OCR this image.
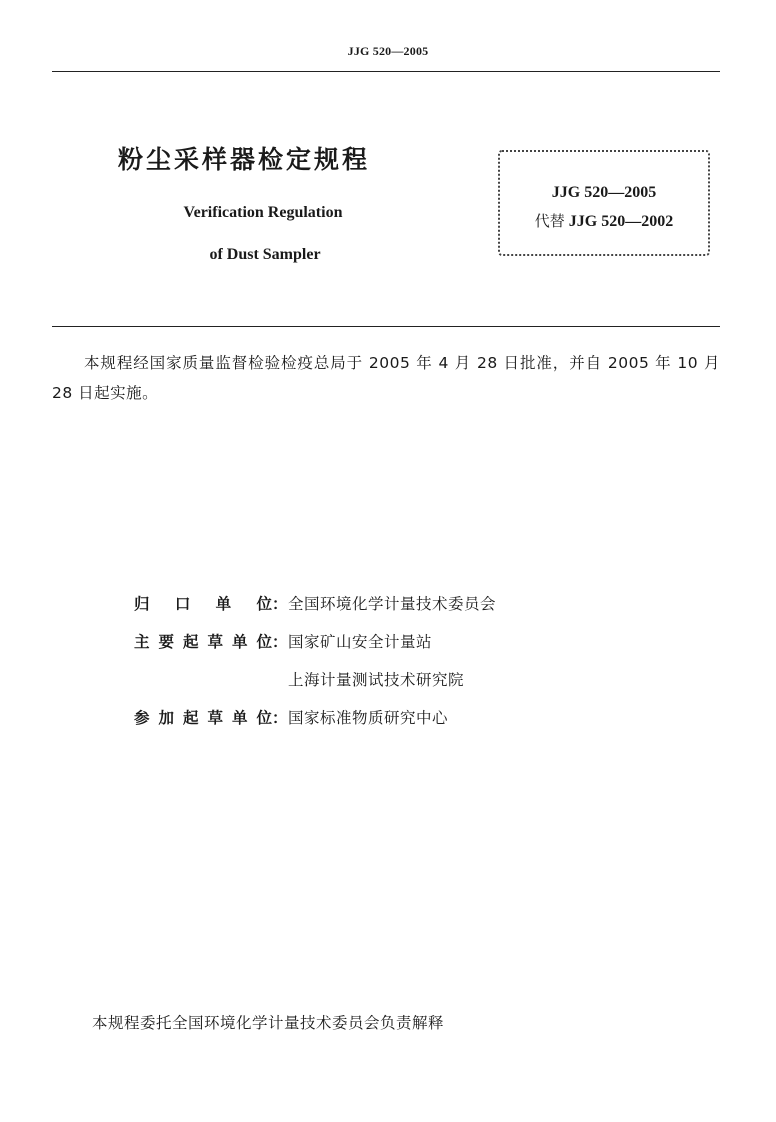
JJG 520—2005
粉尘采样器检定规程
Verification Regulation
of Dust Sampler
JJG 520—2005
代替 JJG 520—2002
本规程经国家质量监督检验检疫总局于 2005 年 4 月 28 日批准，并自 2005 年 10 月 28 日起实施。
归口单位：全国环境化学计量技术委员会
主要起草单位：国家矿山安全计量站
上海计量测试技术研究院
参加起草单位：国家标准物质研究中心
本规程委托全国环境化学计量技术委员会负责解释
